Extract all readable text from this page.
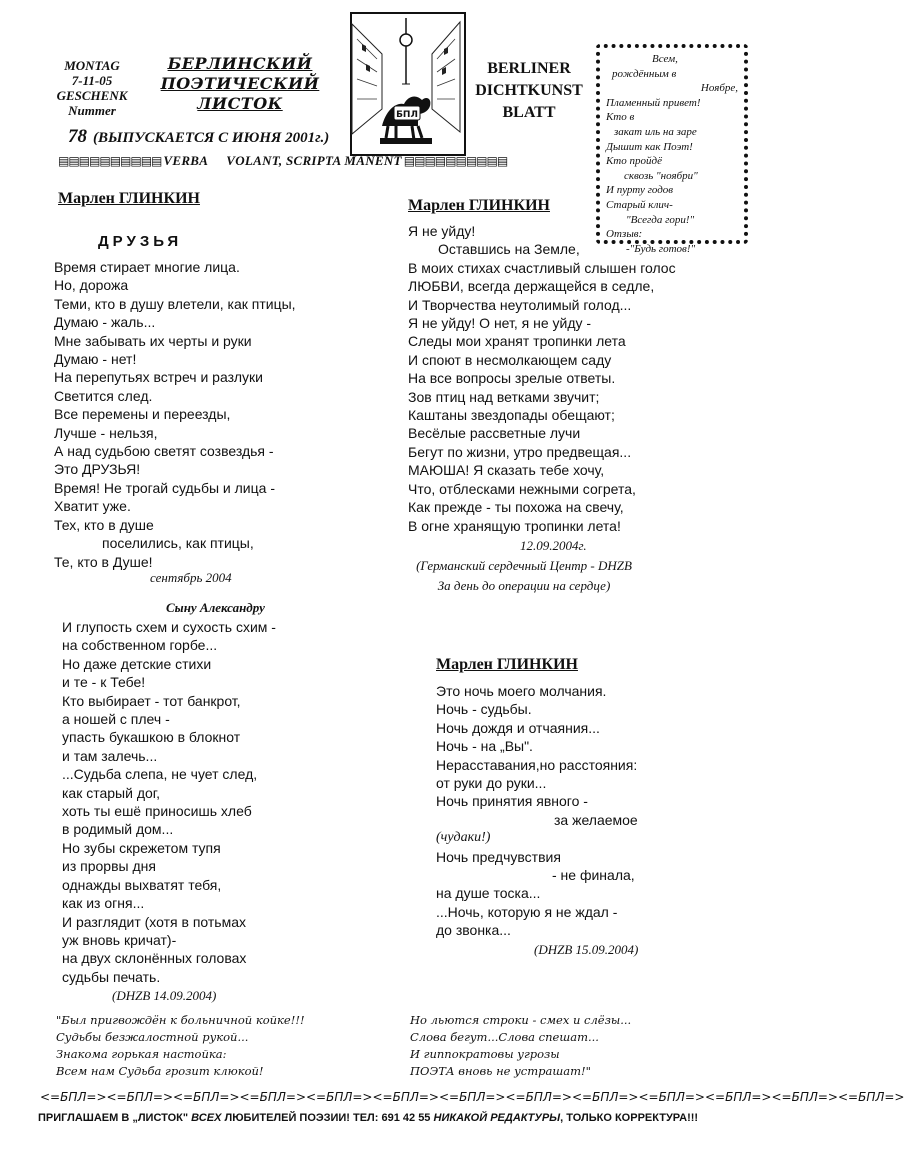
MONTAG
7-11-05
GESCHENK
Nummer
БЕРЛИНСКИЙ
ПОЭТИЧЕСКИЙ
ЛИСТОК
78 (ВЫПУСКАЕТСЯ С ИЮНЯ 2001г.)
БПЛ
BERLINER
DICHTKUNST
BLATT
▤▤▤▤▤▤▤▤▤▤ VERBA VOLANT, SCRIPTA MANENT ▤▤▤▤▤▤▤▤▤▤
Всем,
рождённым в
Ноябре,
Пламенный привет!
Кто в
закат иль на заре
Дышит как Поэт!
Кто пройдё
сквозь "ноябри"
И пурту годов
Старый клич-
"Всегда гори!"
Отзыв:
-"Будь готов!"
Марлен ГЛИНКИН
ДРУЗЬЯ
Время стирает многие лица.
Но, дорожа
Теми, кто в душу влетели, как птицы,
Думаю - жаль...
Мне забывать их черты и руки
Думаю - нет!
На перепутьях встреч и разлуки
Светится след.
Все перемены и переезды,
Лучше - нельзя,
А над судьбою светят созвездья -
Это ДРУЗЬЯ!
Время! Не трогай судьбы и лица -
Хватит уже.
Тех, кто в душе
поселились, как птицы,
Те, кто в Душе!
сентябрь 2004
Сыну Александру
И глупость схем и сухость схим -
на собственном горбе...
Но даже детские стихи
и те - к Тебе!
Кто выбирает - тот банкрот,
а ношей с плеч -
упасть букашкою в блокнот
и там залечь...
...Судьба слепа, не чует след,
как старый дог,
хоть ты ешё приносишь хлеб
в родимый дом...
Но зубы скрежетом тупя
из прорвы дня
однажды выхватят тебя,
как из огня...
И разглядит (хотя в потьмах
уж вновь кричат)-
на двух склонённых головах
судьбы печать.
(DHZB 14.09.2004)
Марлен ГЛИНКИН
Я не уйду!
Оставшись на Земле,
В моих стихах счастливый слышен голос
ЛЮБВИ, всегда держащейся в седле,
И Творчества неутолимый голод...
Я не уйду! О нет, я не уйду -
Следы мои хранят тропинки лета
И споют в несмолкающем саду
На все вопросы зрелые ответы.
Зов птиц над ветками звучит;
Каштаны звездопады обещают;
Весёлые рассветные лучи
Бегут по жизни, утро предвещая...
МАЮША! Я сказать тебе хочу,
Что, отблесками нежными согрета,
Как прежде - ты похожа на свечу,
В огне хранящую тропинки лета!
12.09.2004г.
(Германский сердечный Центр - DHZB
За день до операции на сердце)
Марлен ГЛИНКИН
Это ночь моего молчания.
Ночь - судьбы.
Ночь дождя и отчаяния...
Ночь - на „Вы".
Нерасставания,но расстояния:
от руки до руки...
Ночь принятия явного -
за желаемое
(чудаки!)
Ночь предчувствия
- не финала,
на душе тоска...
...Ночь, которую я не ждал -
до звонка...
(DHZB 15.09.2004)
"Был пригвождён к больничной койке!!!
Судьбы безжалостной рукой...
Знакома горькая настойка:
Всем нам Судьба грозит клюкой!
Но льются строки - смех и слёзы...
Слова бегут...Слова спешат...
И гиппократовы угрозы
ПОЭТА вновь не устрашат!"
<=БПЛ=><=БПЛ=><=БПЛ=><=БПЛ=><=БПЛ=><=БПЛ=><=БПЛ=><=БПЛ=><=БПЛ=><=БПЛ=><=БПЛ=><=БПЛ=><=БПЛ=>
ПРИГЛАШАЕМ В „ЛИСТОК" ВСЕХ ЛЮБИТЕЛЕЙ ПОЭЗИИ! ТЕЛ: 691 42 55 НИКАКОЙ РЕДАКТУРЫ, ТОЛЬКО КОРРЕКТУРА!!!
